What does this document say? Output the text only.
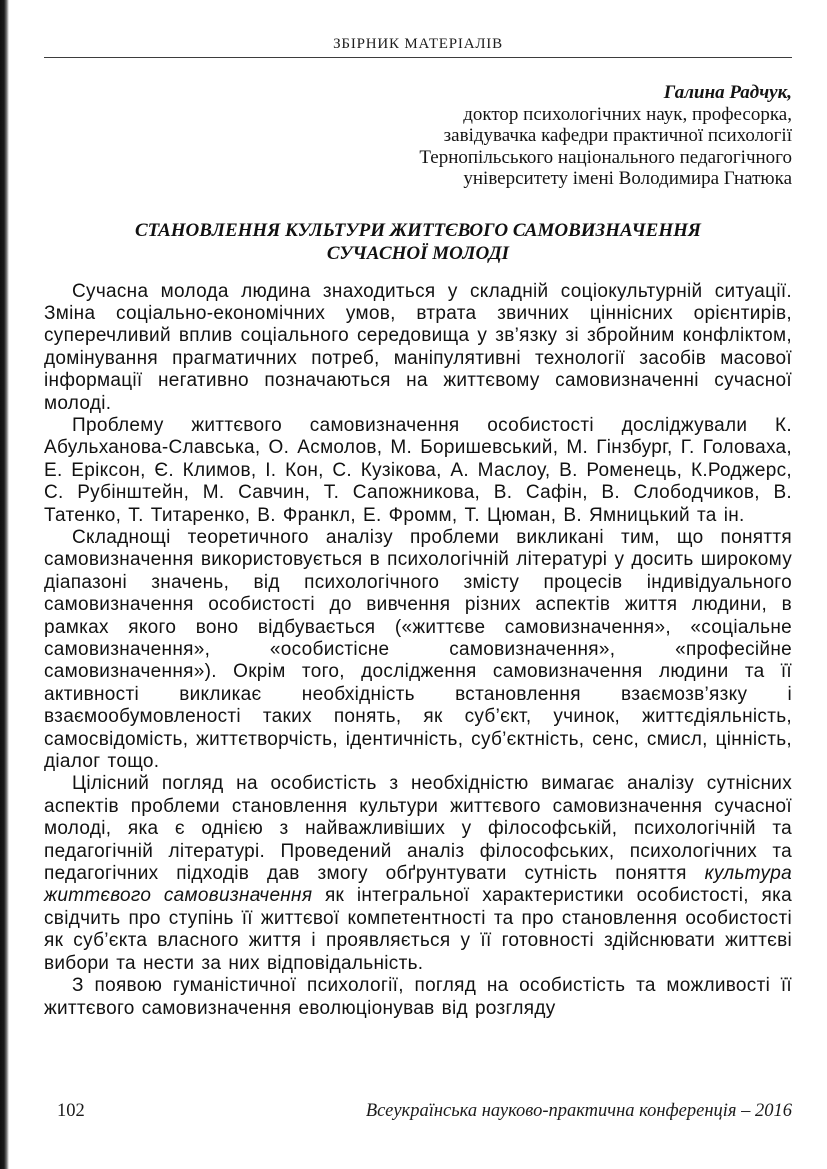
ЗБІРНИК МАТЕРІАЛІВ
Галина Радчук,
доктор психологічних наук, професорка,
завідувачка кафедри практичної психології
Тернопільського національного педагогічного
університету імені Володимира Гнатюка
СТАНОВЛЕННЯ КУЛЬТУРИ ЖИТТЄВОГО САМОВИЗНАЧЕННЯ
СУЧАСНОЇ МОЛОДІ

Сучасна молода людина знаходиться у складній соціокультурній ситуації. Зміна соціально-економічних умов, втрата звичних ціннісних орієнтирів, суперечливий вплив соціального середовища у зв’язку зі збройним конфліктом, домінування прагматичних потреб, маніпулятивні технології засобів масової інформації негативно позначаються на життєвому самовизначенні сучасної молоді.

Проблему життєвого самовизначення особистості досліджували К. Абульханова-Славська, О. Асмолов, М. Боришевський, М. Гінзбург, Г. Головаха, Е. Еріксон, Є. Климов, І. Кон, С. Кузікова, А. Маслоу, В. Роменець, К.Роджерс, С. Рубінштейн, М. Савчин, Т. Сапожникова, В. Сафін, В. Слободчиков, В. Татенко, Т. Титаренко, В. Франкл, Е. Фромм, Т. Цюман, В. Ямницький та ін.

Складнощі теоретичного аналізу проблеми викликані тим, що поняття самовизначення використовується в психологічній літературі у досить широкому діапазоні значень, від психологічного змісту процесів індивідуального самовизначення особистості до вивчення різних аспектів життя людини, в рамках якого воно відбувається («життєве самовизначення», «соціальне самовизначення», «особистісне самовизначення», «професійне самовизначення»). Окрім того, дослідження самовизначення людини та її активності викликає необхідність встановлення взаємозв’язку і взаємообумовленості таких понять, як суб’єкт, учинок, життєдіяльність, самосвідомість, життєтворчість, ідентичність, суб’єктність, сенс, смисл, цінність, діалог тощо.

Цілісний погляд на особистість з необхідністю вимагає аналізу сутнісних аспектів проблеми становлення культури життєвого самовизначення сучасної молоді, яка є однією з найважливіших у філософській, психологічній та педагогічній літературі. Проведений аналіз філософських, психологічних та педагогічних підходів дав змогу обґрунтувати сутність поняття культура життєвого самовизначення як інтегральної характеристики особистості, яка свідчить про ступінь її життєвої компетентності та про становлення особистості як суб’єкта власного життя і проявляється у її готовності здійснювати життєві вибори та нести за них відповідальність.

З появою гуманістичної психології, погляд на особистість та можливості її життєвого самовизначення еволюціонував від розгляду

102	Всеукраїнська науково-практична конференція – 2016
